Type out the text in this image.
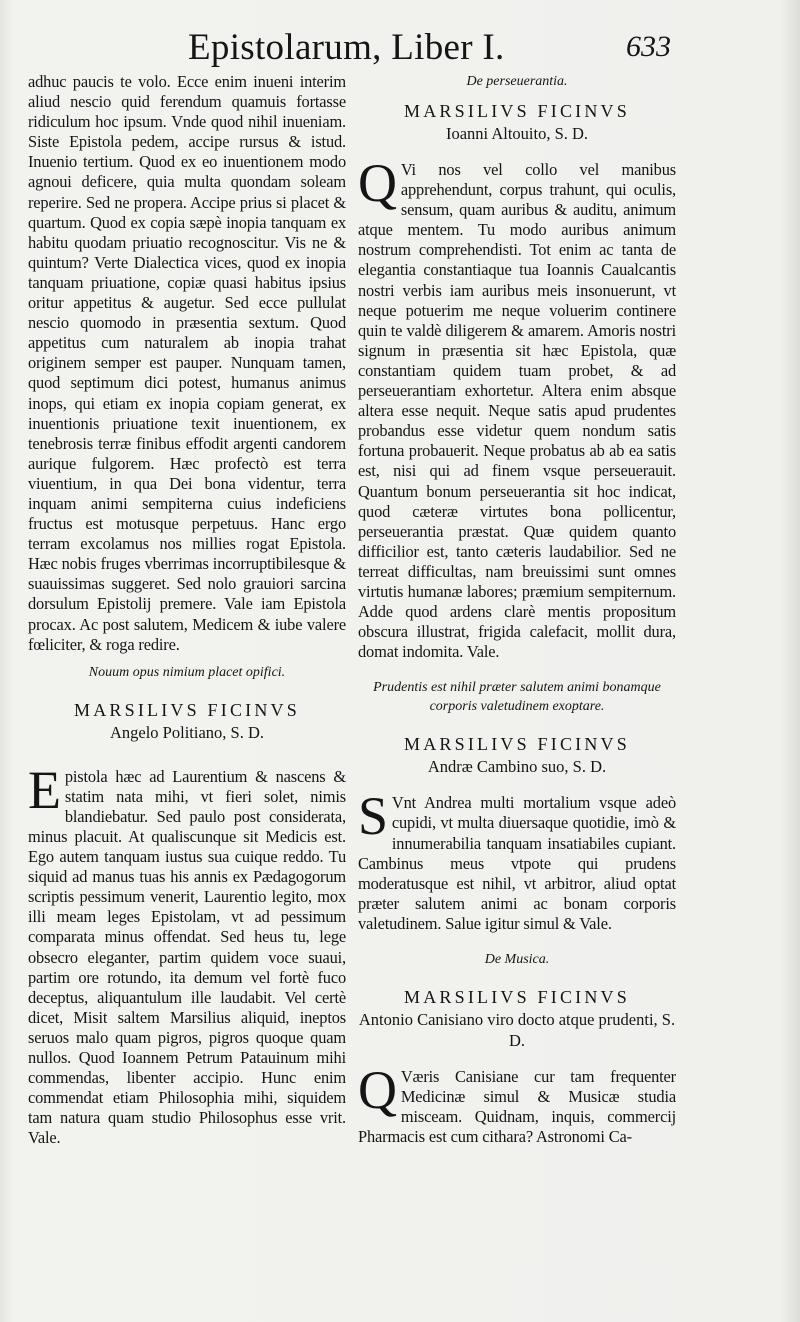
Epistolarum, Liber I.	633

adhuc paucis te volo. Ecce enim inueni interim aliud nescio quid ferendum quamuis fortasse ridiculum hoc ipsum. Vnde quod nihil inueniam. Siste Epistola pedem, accipe rursus & istud. Inuenio tertium. Quod ex eo inuentionem modo agnoui deficere, quia multa quondam soleam reperire. Sed ne propera. Accipe prius si placet & quartum. Quod ex copia sæpè inopia tanquam ex habitu quodam priuatio recognoscitur. Vis ne & quintum? Verte Dialectica vices, quod ex inopia tanquam priuatione, copiæ quasi habitus ipsius oritur appetitus & augetur. Sed ecce pullulat nescio quomodo in præsentia sextum. Quod appetitus cum naturalem ab inopia trahat originem semper est pauper. Nunquam tamen, quod septimum dici potest, humanus animus inops, qui etiam ex inopia copiam generat, ex inuentionis priuatione texit inuentionem, ex tenebrosis terræ finibus effodit argenti candorem aurique fulgorem. Hæc profectò est terra viuentium, in qua Dei bona videntur, terra inquam animi sempiterna cuius indeficiens fructus est motusque perpetuus. Hanc ergo terram excolamus nos millies rogat Epistola. Hæc nobis fruges vberrimas incorruptibilesque & suauissimas suggeret. Sed nolo grauiori sarcina dorsulum Epistolij premere. Vale iam Epistola procax. Ac post salutem, Medicem & iube valere fœliciter, & roga redire.

Nouum opus nimium placet opifici.

MARSILIVS FICINVS

Angelo Politiano, S. D.

Epistola hæc ad Laurentium & nascens & statim nata mihi, vt fieri solet, nimis blandiebatur. Sed paulo post considerata, minus placuit. At qualiscunque sit Medicis est. Ego autem tanquam iustus sua cuique reddo. Tu siquid ad manus tuas his annis ex Pædagogorum scriptis pessimum venerit, Laurentio legito, mox illi meam leges Epistolam, vt ad pessimum comparata minus offendat. Sed heus tu, lege obsecro eleganter, partim quidem voce suaui, partim ore rotundo, ita demum vel fortè fuco deceptus, aliquantulum ille laudabit. Vel certè dicet, Misit saltem Marsilius aliquid, ineptos seruos malo quam pigros, pigros quoque quam nullos. Quod Ioannem Petrum Patauinum mihi commendas, libenter accipio. Hunc enim commendat etiam Philosophia mihi, siquidem tam natura quam studio Philosophus esse vrit. Vale.

De perseuerantia.

MARSILIVS FICINVS

Ioanni Altouito, S. D.

Q Vi nos vel collo vel manibus apprehendunt, corpus trahunt, qui oculis, sensum, quam auribus & auditu, animum atque mentem. Tu modo auribus animum nostrum comprehendisti. Tot enim ac tanta de elegantia constantiaque tua Ioannis Caualcantis nostri verbis iam auribus meis insonuerunt, vt neque potuerim me neque voluerim continere quin te valdè diligerem & amarem. Amoris nostri signum in præsentia sit hæc Epistola, quæ constantiam quidem tuam probet, & ad perseuerantiam exhortetur. Altera enim absque altera esse nequit. Neque satis apud prudentes probandus esse videtur quem nondum satis fortuna probauerit. Neque probatus ab ab ea satis est, nisi qui ad finem vsque perseuerauit. Quantum bonum perseuerantia sit hoc indicat, quod cæteræ virtutes bona pollicentur, perseuerantia præstat. Quæ quidem quanto difficilior est, tanto cæteris laudabilior. Sed ne terreat difficultas, nam breuissimi sunt omnes virtutis humanæ labores; præmium sempiternum. Adde quod ardens clarè mentis propositum obscura illustrat, frigida calefacit, mollit dura, domat indomita. Vale.

Prudentis est nihil præter salutem animi bonamque corporis valetudinem exoptare.

MARSILIVS FICINVS

Andræ Cambino suo, S. D.

S Vnt Andrea multi mortalium vsque adeò cupidi, vt multa diuersaque quotidie, imò & innumerabilia tanquam insatiabiles cupiant. Cambinus meus vtpote qui prudens moderatusque est nihil, vt arbitror, aliud optat præter salutem animi ac bonam corporis valetudinem. Salue igitur simul & Vale.

De Musica.

MARSILIVS FICINVS

Antonio Canisiano viro docto atque prudenti, S. D.

Q Væris Canisiane cur tam frequenter Medicinæ simul & Musicæ studia misceam. Quidnam, inquis, commercij Pharmacis est cum cithara? Astronomi Ca-
